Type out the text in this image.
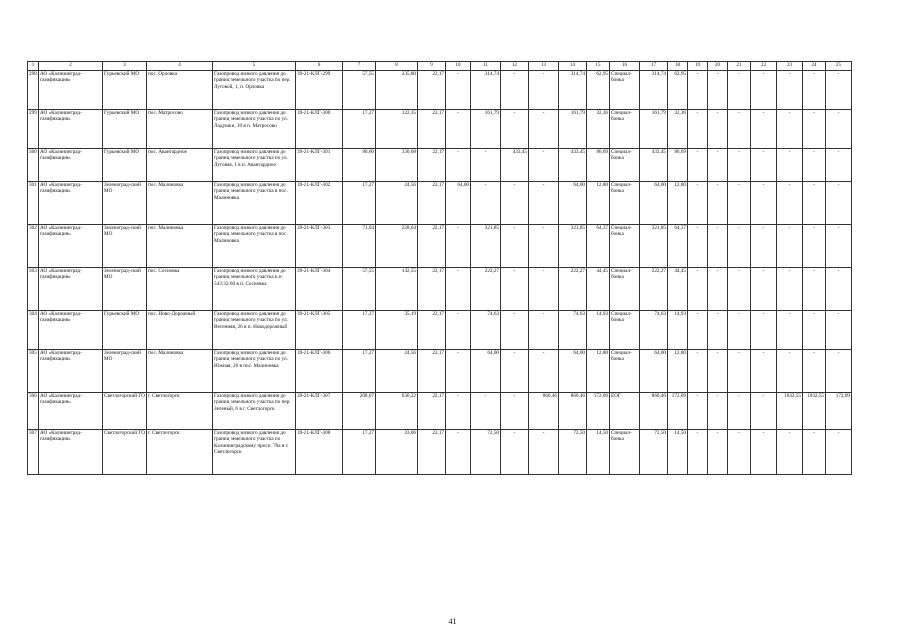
1	2	3	4	5	6	7	8	9	10	11	12	13	14	15	16	17	18	19	20	21	22	23	24	25
298	АО «Калининград-газификация»	Гурьевский МО	пос. Орловка	Газопровод низкого давления до границ земельного участка по пер. Луговой, 1, п. Орловка	39-21-КЛГ-299	57,55	235,80	22,17	-	314,74	-	-	314,74	62,95	Специал-бонка	314,74	62,95	-	-	-	-	-	-	-
299	АО «Калининград-газификация»	Гурьевский МО	пос. Матросово	Газопровод низкого давления до границ земельного участка по ул. Ладушки, 10 в п. Матросово	39-21-КЛГ-300	17,27	122,35	22,17	-	161,79	-	-	161,79	32,36	Специал-бонка	161,79	32,36	-	-	-	-	-	-	-
300	АО «Калининград-газификация»	Гурьевский МО	пос. Авангардное	Газопровод низкого давления до границ земельного участка по ул. Луговая, 1 в п. Авангардное	39-21-КЛГ-301	80,60	330,68	22,17	-	-	433,45	-	433,45	86,69	Специал-бонка	433,45	86,69	-	-	-	-	-	-	-
301	АО «Калининград-газификация»	Зеленоград-ский МО	пос. Малиновка	Газопровод низкого давления до границ земельного участка в пос. Малиновка	39-21-КЛГ-302	17,27	24,56	22,17	64,00	-	-	-	64,00	12,80	Специал-бонка	64,00	12,80	-	-	-	-	-	-	-
302	АО «Калининград-газификация»	Зеленоград-ский МО	пос. Малиновка	Газопровод низкого давления до границ земельного участка в пос. Малиновка	39-21-КЛГ-303	71,04	228,64	22,17	-	321,85	-	-	321,85	64,37	Специал-бонка	321,85	64,37	-	-	-	-	-	-	-
303	АО «Калининград-газификация»	Зеленоград-ский МО	пос. Сосновка	Газопровод низкого давления до границ земельного участка к.н. 543:32:60 в п. Сосновка	39-21-КЛГ-304	57,55	142,55	22,17	-	222,27	-	-	222,27	44,45	Специал-бонка	222,27	44,45	-	-	-	-	-	-	-
304	АО «Калининград-газификация»	Гурьевский МО	пос. Ново-Дорожный	Газопровод низкого давления до границ земельного участка по ул. Весенняя, 26 в п. Новодорожный	39-21-КЛГ-305	17,27	35,19	22,17	-	74,63	-	-	74,63	14,93	Специал-бонка	74,63	14,93	-	-	-	-	-	-	-
305	АО «Калининград-газификация»	Зеленоград-ский МО	пос. Малиновка	Газопровод низкого давления до границ земельного участка по ул. Южная, 26 в пос. Малиновка	39-21-КЛГ-306	17,27	24,56	22,17	-	64,00	-	-	64,00	12,80	Специал-бонка	64,00	12,80	-	-	-	-	-	-	-
306	АО «Калининград-газификация»	Светлогорский ГО	г. Светлогорск	Газопровод низкого давления до границ земельного участка по пер. Зеленый, 6 в г. Светлогорск	39-21-КЛГ-307	208,07	630,22	22,17	-	-	-	860,46	860,46	172,09	ЕОГ	860,46	172,09	-	-	-	-	1032,55	1032,55	172,09
307	АО «Калининград-газификация»	Светлогорский ГО	г. Светлогорск	Газопровод низкого давления до границ земельного участка по Калининградскому просп. 70а в г. Светлогорск	39-21-КЛГ-308	17,27	33,06	22,17	-	72,50	-	-	72,50	14,50	Специал-бонка	72,50	14,50	-	-	-	-	-	-	-
41
